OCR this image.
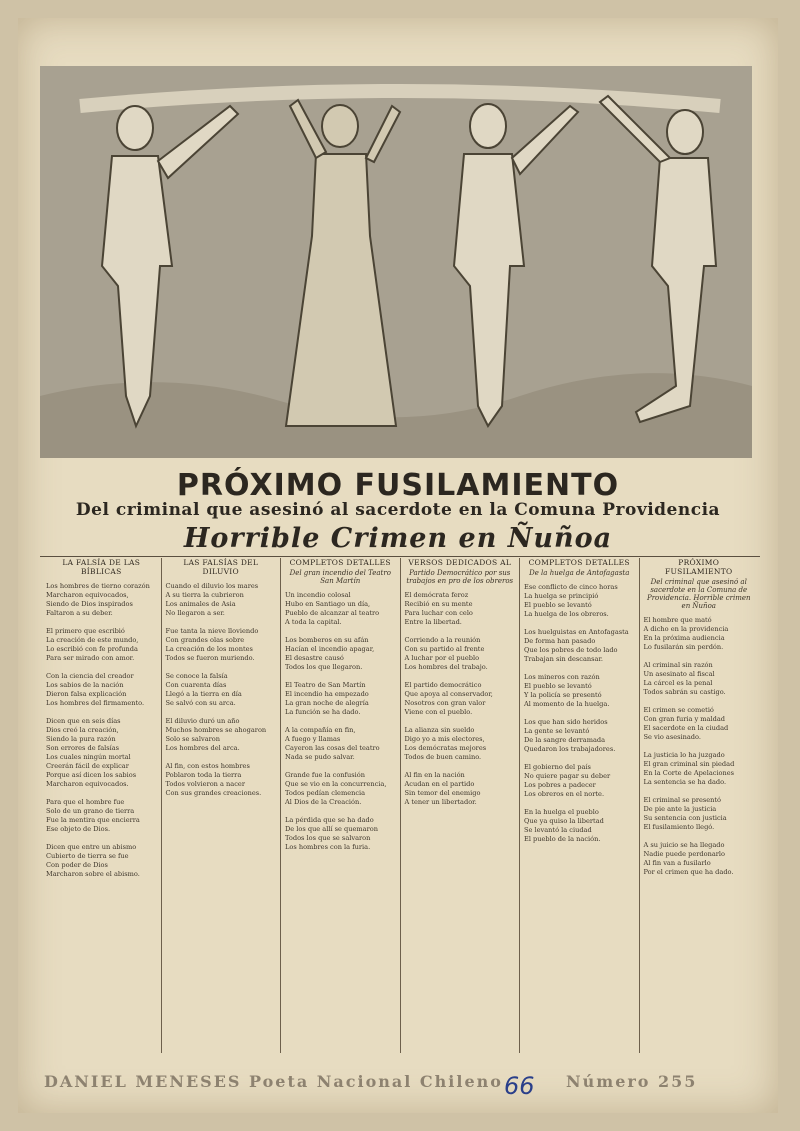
PRÓXIMO FUSILAMIENTO
Del criminal que asesinó al sacerdote en la Comuna Providencia
Horrible Crimen en Ñuñoa
LA FALSÍA DE LAS BÍBLICAS
Los hombres de tierno corazón
Marcharon equivocados,
Siendo de Dios inspirados
Faltaron a su deber.

El primero que escribió
La creación de este mundo,
Lo escribió con fe profunda
Para ser mirado con amor.

Con la ciencia del creador
Los sabios de la nación
Dieron falsa explicación
Los hombres del firmamento.

Dicen que en seis días
Dios creó la creación,
Siendo la pura razón
Son errores de falsías
Los cuales ningún mortal
Creerán fácil de explicar
Porque así dicen los sabios
Marcharon equivocados.

Para que el hombre fue
Solo de un grano de tierra
Fue la mentira que encierra
Ese objeto de Dios.

Dicen que entre un abismo
Cubierto de tierra se fue
Con poder de Dios
Marcharon sobre el abismo.
LAS FALSÍAS DEL DILUVIO
Cuando el diluvio los mares
A su tierra la cubrieron
Los animales de Asia
No llegaron a ser.

Fue tanta la nieve lloviendo
Con grandes olas sobre
La creación de los montes
Todos se fueron muriendo.

Se conoce la falsía
Con cuarenta días
Llegó a la tierra en día
Se salvó con su arca.

El diluvio duró un año
Muchos hombres se ahogaron
Solo se salvaron
Los hombres del arca.

Al fin, con estos hombres
Poblaron toda la tierra
Todos volvieron a nacer
Con sus grandes creaciones.
COMPLETOS DETALLES
Del gran incendio del Teatro San Martín
Un incendio colosal
Hubo en Santiago un día,
Pueblo de alcanzar al teatro
A toda la capital.

Los bomberos en su afán
Hacían el incendio apagar,
El desastre causó
Todos los que llegaron.

El Teatro de San Martín
El incendio ha empezado
La gran noche de alegría
La función se ha dado.

A la compañía en fin,
A fuego y llamas
Cayeron las cosas del teatro
Nada se pudo salvar.

Grande fue la confusión
Que se vio en la concurrencia,
Todos pedían clemencia
Al Dios de la Creación.

La pérdida que se ha dado
De los que allí se quemaron
Todos los que se salvaron
Los hombres con la furia.
VERSOS DEDICADOS AL
Partido Democrático por sus trabajos en pro de los obreros
El demócrata feroz
Recibió en su mente
Para luchar con celo
Entre la libertad.

Corriendo a la reunión
Con su partido al frente
A luchar por el pueblo
Los hombres del trabajo.

El partido democrático
Que apoya al conservador,
Nosotros con gran valor
Viene con el pueblo.

La alianza sin sueldo
Digo yo a mis electores,
Los demócratas mejores
Todos de buen camino.

Al fin en la nación
Acudan en el partido
Sin temor del enemigo
A tener un libertador.
COMPLETOS DETALLES
De la huelga de Antofagasta
Ese conflicto de cinco horas
La huelga se principió
El pueblo se levantó
La huelga de los obreros.

Los huelguistas en Antofagasta
De forma han pasado
Que los pobres de todo lado
Trabajan sin descansar.

Los mineros con razón
El pueblo se levantó
Y la policía se presentó
Al momento de la huelga.

Los que han sido heridos
La gente se levantó
De la sangre derramada
Quedaron los trabajadores.

El gobierno del país
No quiere pagar su deber
Los pobres a padecer
Los obreros en el norte.

En la huelga el pueblo
Que ya quiso la libertad
Se levantó la ciudad
El pueblo de la nación.
PRÓXIMO FUSILAMIENTO
Del criminal que asesinó al sacerdote en la Comuna de Providencia. Horrible crimen en Ñuñoa
El hombre que mató
A dicho en la providencia
En la próxima audiencia
Lo fusilarán sin perdón.

Al criminal sin razón
Un asesinato al fiscal
La cárcel es la penal
Todos sabrán su castigo.

El crimen se cometió
Con gran furia y maldad
El sacerdote en la ciudad
Se vio asesinado.

La justicia lo ha juzgado
El gran criminal sin piedad
En la Corte de Apelaciones
La sentencia se ha dado.

El criminal se presentó
De pie ante la justicia
Su sentencia con justicia
El fusilamiento llegó.

A su juicio se ha llegado
Nadie puede perdonarlo
Al fin van a fusilarlo
Por el crimen que ha dado.
DANIEL MENESES Poeta Nacional Chileno	Número 255
66
